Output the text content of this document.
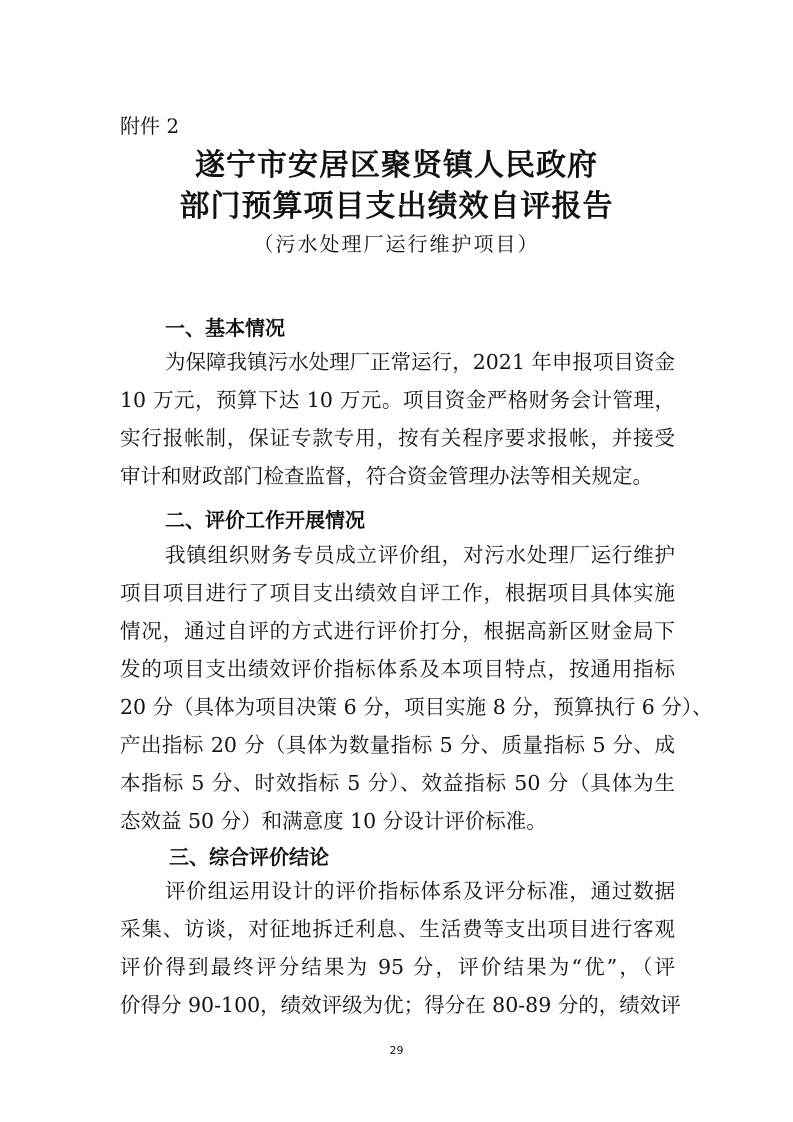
附件 2
遂宁市安居区聚贤镇人民政府
部门预算项目支出绩效自评报告
（污水处理厂运行维护项目）
一、基本情况
为保障我镇污水处理厂正常运行，2021 年申报项目资金
10 万元，预算下达 10 万元。项目资金严格财务会计管理，
实行报帐制，保证专款专用，按有关程序要求报帐，并接受
审计和财政部门检查监督，符合资金管理办法等相关规定。
二、评价工作开展情况
我镇组织财务专员成立评价组，对污水处理厂运行维护
项目项目进行了项目支出绩效自评工作，根据项目具体实施
情况，通过自评的方式进行评价打分，根据高新区财金局下
发的项目支出绩效评价指标体系及本项目特点，按通用指标
20 分（具体为项目决策 6 分，项目实施 8 分，预算执行 6 分）、
产出指标 20 分（具体为数量指标 5 分、质量指标 5 分、成
本指标 5 分、时效指标 5 分）、效益指标 50 分（具体为生
态效益 50 分）和满意度 10 分设计评价标准。
三、综合评价结论
评价组运用设计的评价指标体系及评分标准，通过数据
采集、访谈，对征地拆迁利息、生活费等支出项目进行客观
评价得到最终评分结果为 95 分，评价结果为“优”，（评
价得分 90-100，绩效评级为优；得分在 80-89 分的，绩效评
29
